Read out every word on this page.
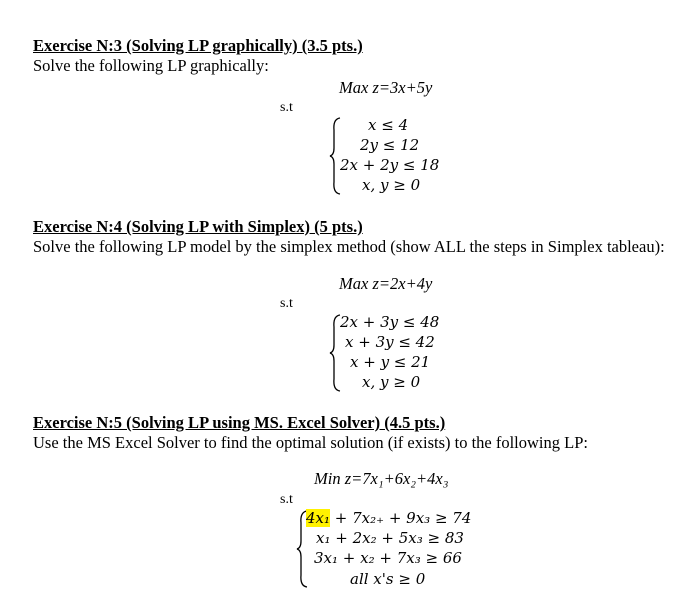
Exercise N:3 (Solving LP graphically) (3.5 pts.)
Solve the following LP graphically:
Max z=3x+5y
s.t
x ≤ 4
2y ≤ 12
2x + 2y ≤ 18
x, y ≥ 0
Exercise N:4 (Solving LP with Simplex) (5 pts.)
Solve the following LP model by the simplex method (show ALL the steps in Simplex tableau):
Max z=2x+4y
s.t
2x + 3y ≤ 48
x + 3y ≤ 42
x + y ≤ 21
x, y ≥ 0
Exercise N:5 (Solving LP using MS. Excel Solver) (4.5 pts.)
Use the MS Excel Solver to find the optimal solution (if exists) to the following LP:
Min z=7x₁+6x₂+4x₃
s.t
4x₁ + 7x₂₊ + 9x₃ ≥ 74
x₁ + 2x₂ + 5x₃ ≥ 83
3x₁ + x₂ + 7x₃ ≥ 66
all x's ≥ 0
